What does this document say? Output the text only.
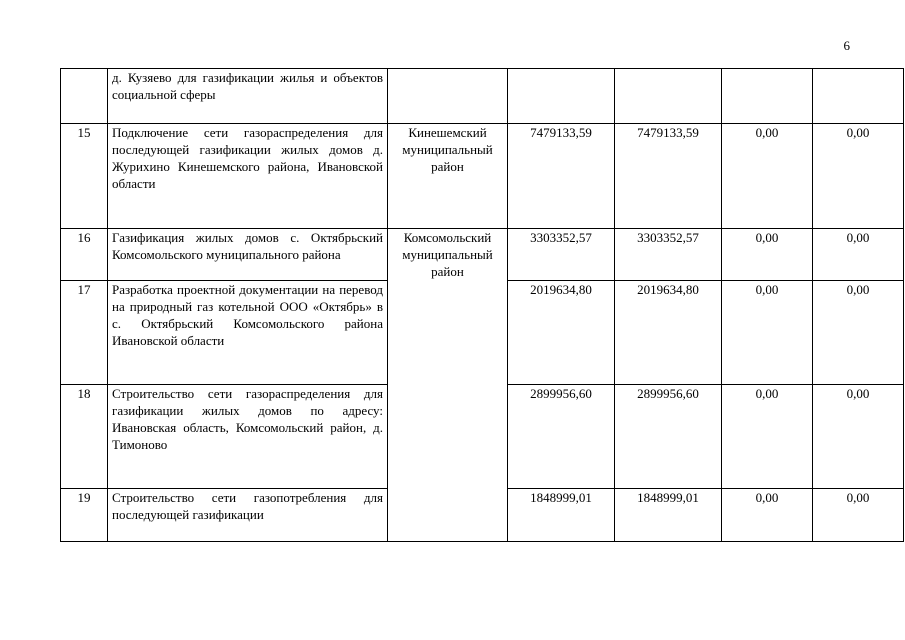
6
	д. Кузяево для газификации жилья и объектов социальной сферы					
15	Подключение сети газораспределения для последующей газификации жилых домов д. Журихино Кинешемского района, Ивановской области	Кинешемский муниципальный район	7479133,59	7479133,59	0,00	0,00
16	Газификация жилых домов с. Октябрьский Комсомольского муниципального района	Комсомольский муниципальный район	3303352,57	3303352,57	0,00	0,00
17	Разработка проектной документации на перевод на природный газ котельной ООО «Октябрь» в с. Октябрьский Комсомольского района Ивановской области		2019634,80	2019634,80	0,00	0,00
18	Строительство сети газораспределения для газификации жилых домов по адресу: Ивановская область, Комсомольский район, д. Тимоново		2899956,60	2899956,60	0,00	0,00
19	Строительство сети газопотребления для последующей газификации		1848999,01	1848999,01	0,00	0,00
